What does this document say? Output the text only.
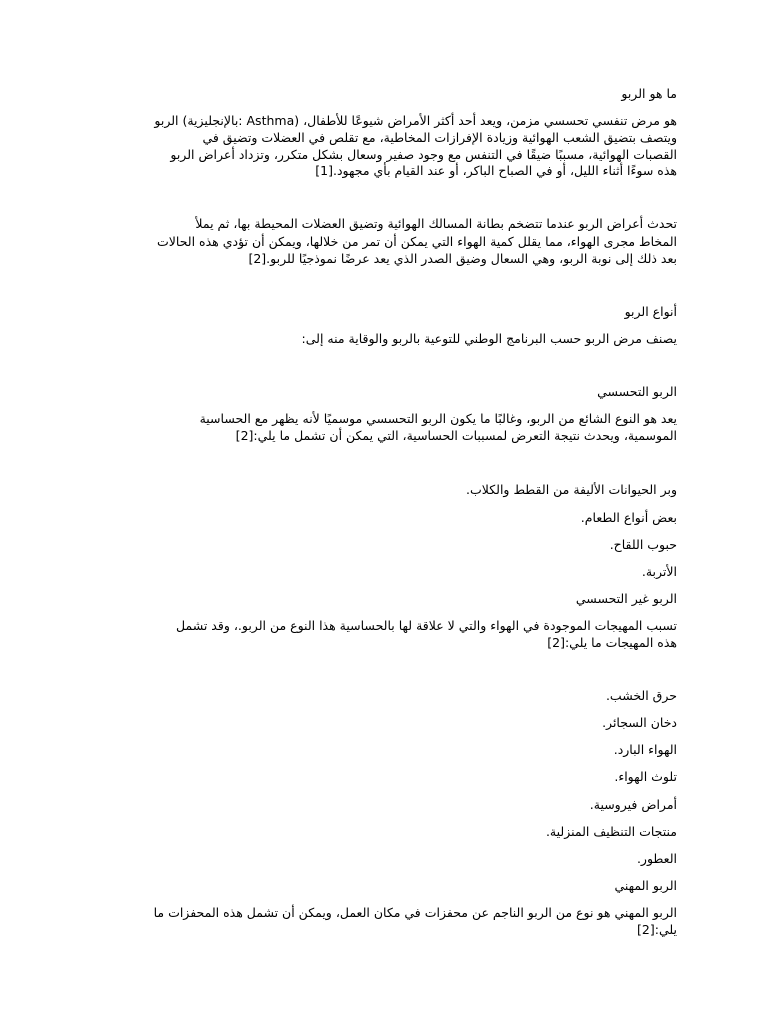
ما هو الربو
هو مرض تنفسي تحسسي مزمن، ويعد أحد أكثر الأمراض شيوعًا للأطفال، (Asthma :بالإنجليزية) الربو
ويتصف بتضيق الشعب الهوائية وزيادة الإفرازات المخاطية، مع تقلص في العضلات وتضيق في
القصبات الهوائية، مسببًا ضيقًا في التنفس مع وجود صفير وسعال بشكل متكرر، وتزداد أعراض الربو
هذه سوءًا أثناء الليل، أو في الصباح الباكر، أو عند القيام بأي مجهود.[1]
تحدث أعراض الربو عندما تتضخم بطانة المسالك الهوائية وتضيق العضلات المحيطة بها، ثم يملأ
المخاط مجرى الهواء، مما يقلل كمية الهواء التي يمكن أن تمر من خلالها، ويمكن أن تؤدي هذه الحالات
بعد ذلك إلى نوبة الربو، وهي السعال وضيق الصدر الذي يعد عرضًا نموذجيًا للربو.[2]
أنواع الربو
يصنف مرض الربو حسب البرنامج الوطني للتوعية بالربو والوقاية منه إلى:
الربو التحسسي
يعد هو النوع الشائع من الربو، وغالبًا ما يكون الربو التحسسي موسميًا لأنه يظهر مع الحساسية
الموسمية، ويحدث نتيجة التعرض لمسببات الحساسية، التي يمكن أن تشمل ما يلي:[2]
وبر الحيوانات الأليفة من القطط والكلاب.
بعض أنواع الطعام.
حبوب اللقاح.
الأتربة.
الربو غير التحسسي
تسبب المهيجات الموجودة في الهواء والتي لا علاقة لها بالحساسية هذا النوع من الربو.، وقد تشمل
هذه المهيجات ما يلي:[2]
حرق الخشب.
دخان السجائر.
الهواء البارد.
تلوث الهواء.
أمراض فيروسية.
منتجات التنظيف المنزلية.
العطور.
الربو المهني
الربو المهني هو نوع من الربو الناجم عن محفزات في مكان العمل، ويمكن أن تشمل هذه المحفزات ما
يلي:[2]
